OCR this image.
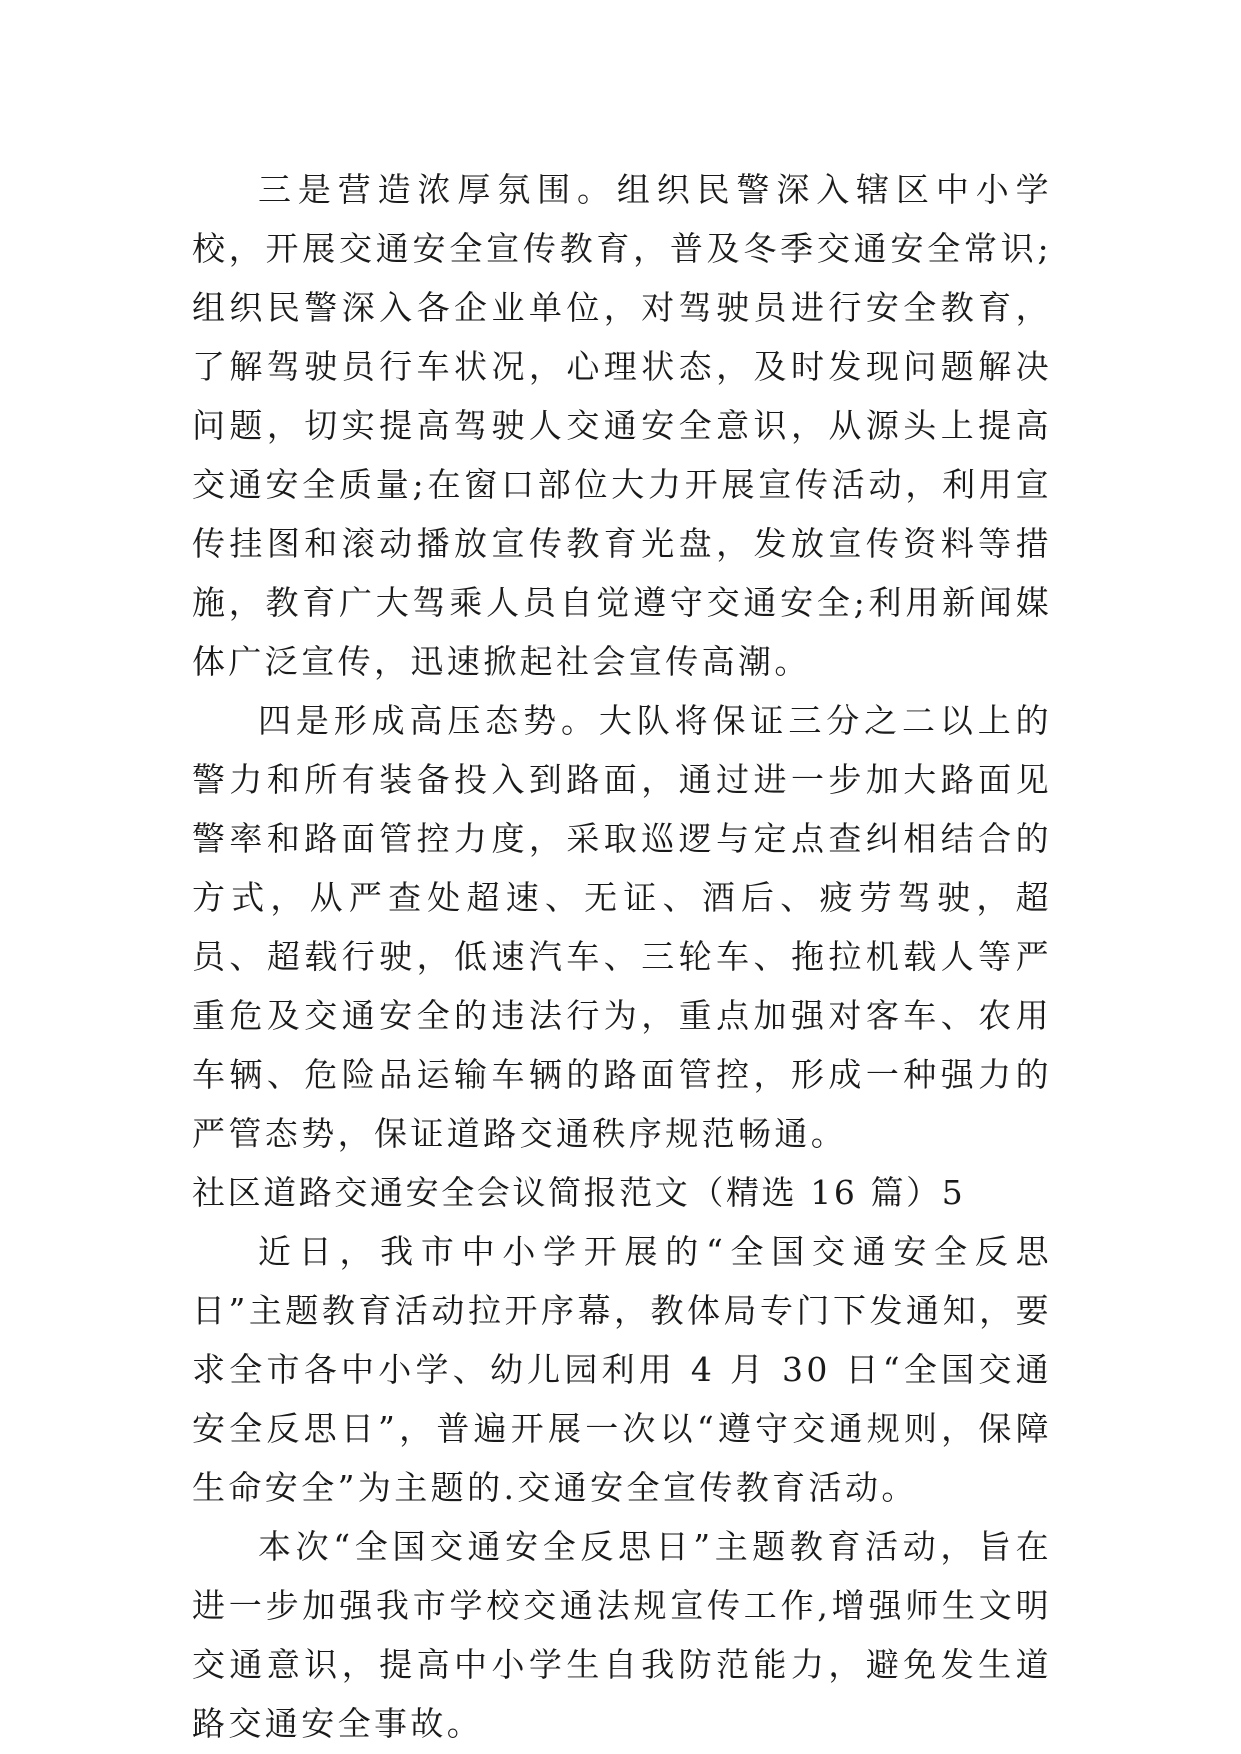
三是营造浓厚氛围。组织民警深入辖区中小学校，开展交通安全宣传教育，普及冬季交通安全常识;组织民警深入各企业单位，对驾驶员进行安全教育，了解驾驶员行车状况，心理状态，及时发现问题解决问题，切实提高驾驶人交通安全意识，从源头上提高交通安全质量;在窗口部位大力开展宣传活动，利用宣传挂图和滚动播放宣传教育光盘，发放宣传资料等措施，教育广大驾乘人员自觉遵守交通安全;利用新闻媒体广泛宣传，迅速掀起社会宣传高潮。

四是形成高压态势。大队将保证三分之二以上的警力和所有装备投入到路面，通过进一步加大路面见警率和路面管控力度，采取巡逻与定点查纠相结合的方式，从严查处超速、无证、酒后、疲劳驾驶，超员、超载行驶，低速汽车、三轮车、拖拉机载人等严重危及交通安全的违法行为，重点加强对客车、农用车辆、危险品运输车辆的路面管控，形成一种强力的严管态势，保证道路交通秩序规范畅通。

社区道路交通安全会议简报范文（精选 16 篇）5

近日，我市中小学开展的“全国交通安全反思日”主题教育活动拉开序幕，教体局专门下发通知，要求全市各中小学、幼儿园利用 4 月 30 日“全国交通安全反思日”，普遍开展一次以“遵守交通规则，保障生命安全”为主题的.交通安全宣传教育活动。

本次“全国交通安全反思日”主题教育活动，旨在进一步加强我市学校交通法规宣传工作,增强师生文明交通意识，提高中小学生自我防范能力，避免发生道路交通安全事故。
